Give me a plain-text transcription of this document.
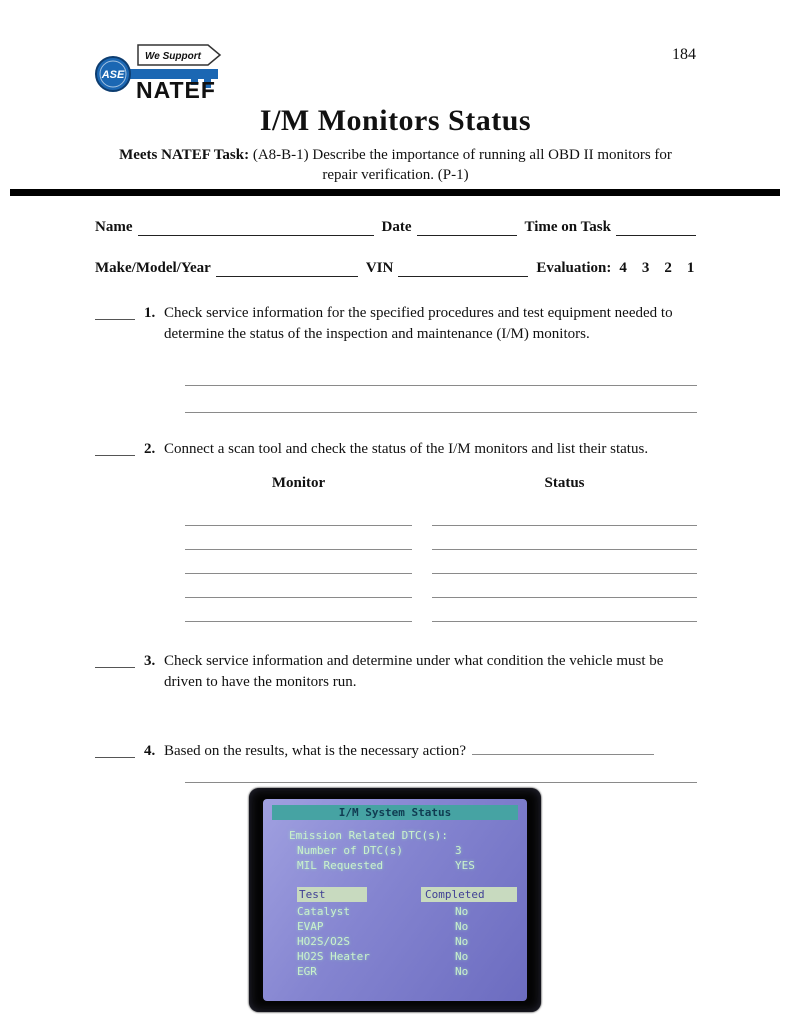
ASE
We Support
NATEF
184
I/M Monitors Status
Meets NATEF Task: (A8-B-1) Describe the importance of running all OBD II monitors for
repair verification. (P-1)
Name	Date	Time on Task
Make/Model/Year	VIN	Evaluation: 4    3    2    1
1. Check service information for the specified procedures and test equipment needed to determine the status of the inspection and maintenance (I/M) monitors.
2. Connect a scan tool and check the status of the I/M monitors and list their status.
Monitor	Status
3. Check service information and determine under what condition the vehicle must be driven to have the monitors run.
4. Based on the results, what is the necessary action?
I/M System Status
Emission Related DTC(s):
Number of DTC(s)	3
MIL Requested	YES
Test	Completed
Catalyst	No
EVAP	No
HO2S/O2S	No
HO2S Heater	No
EGR	No
